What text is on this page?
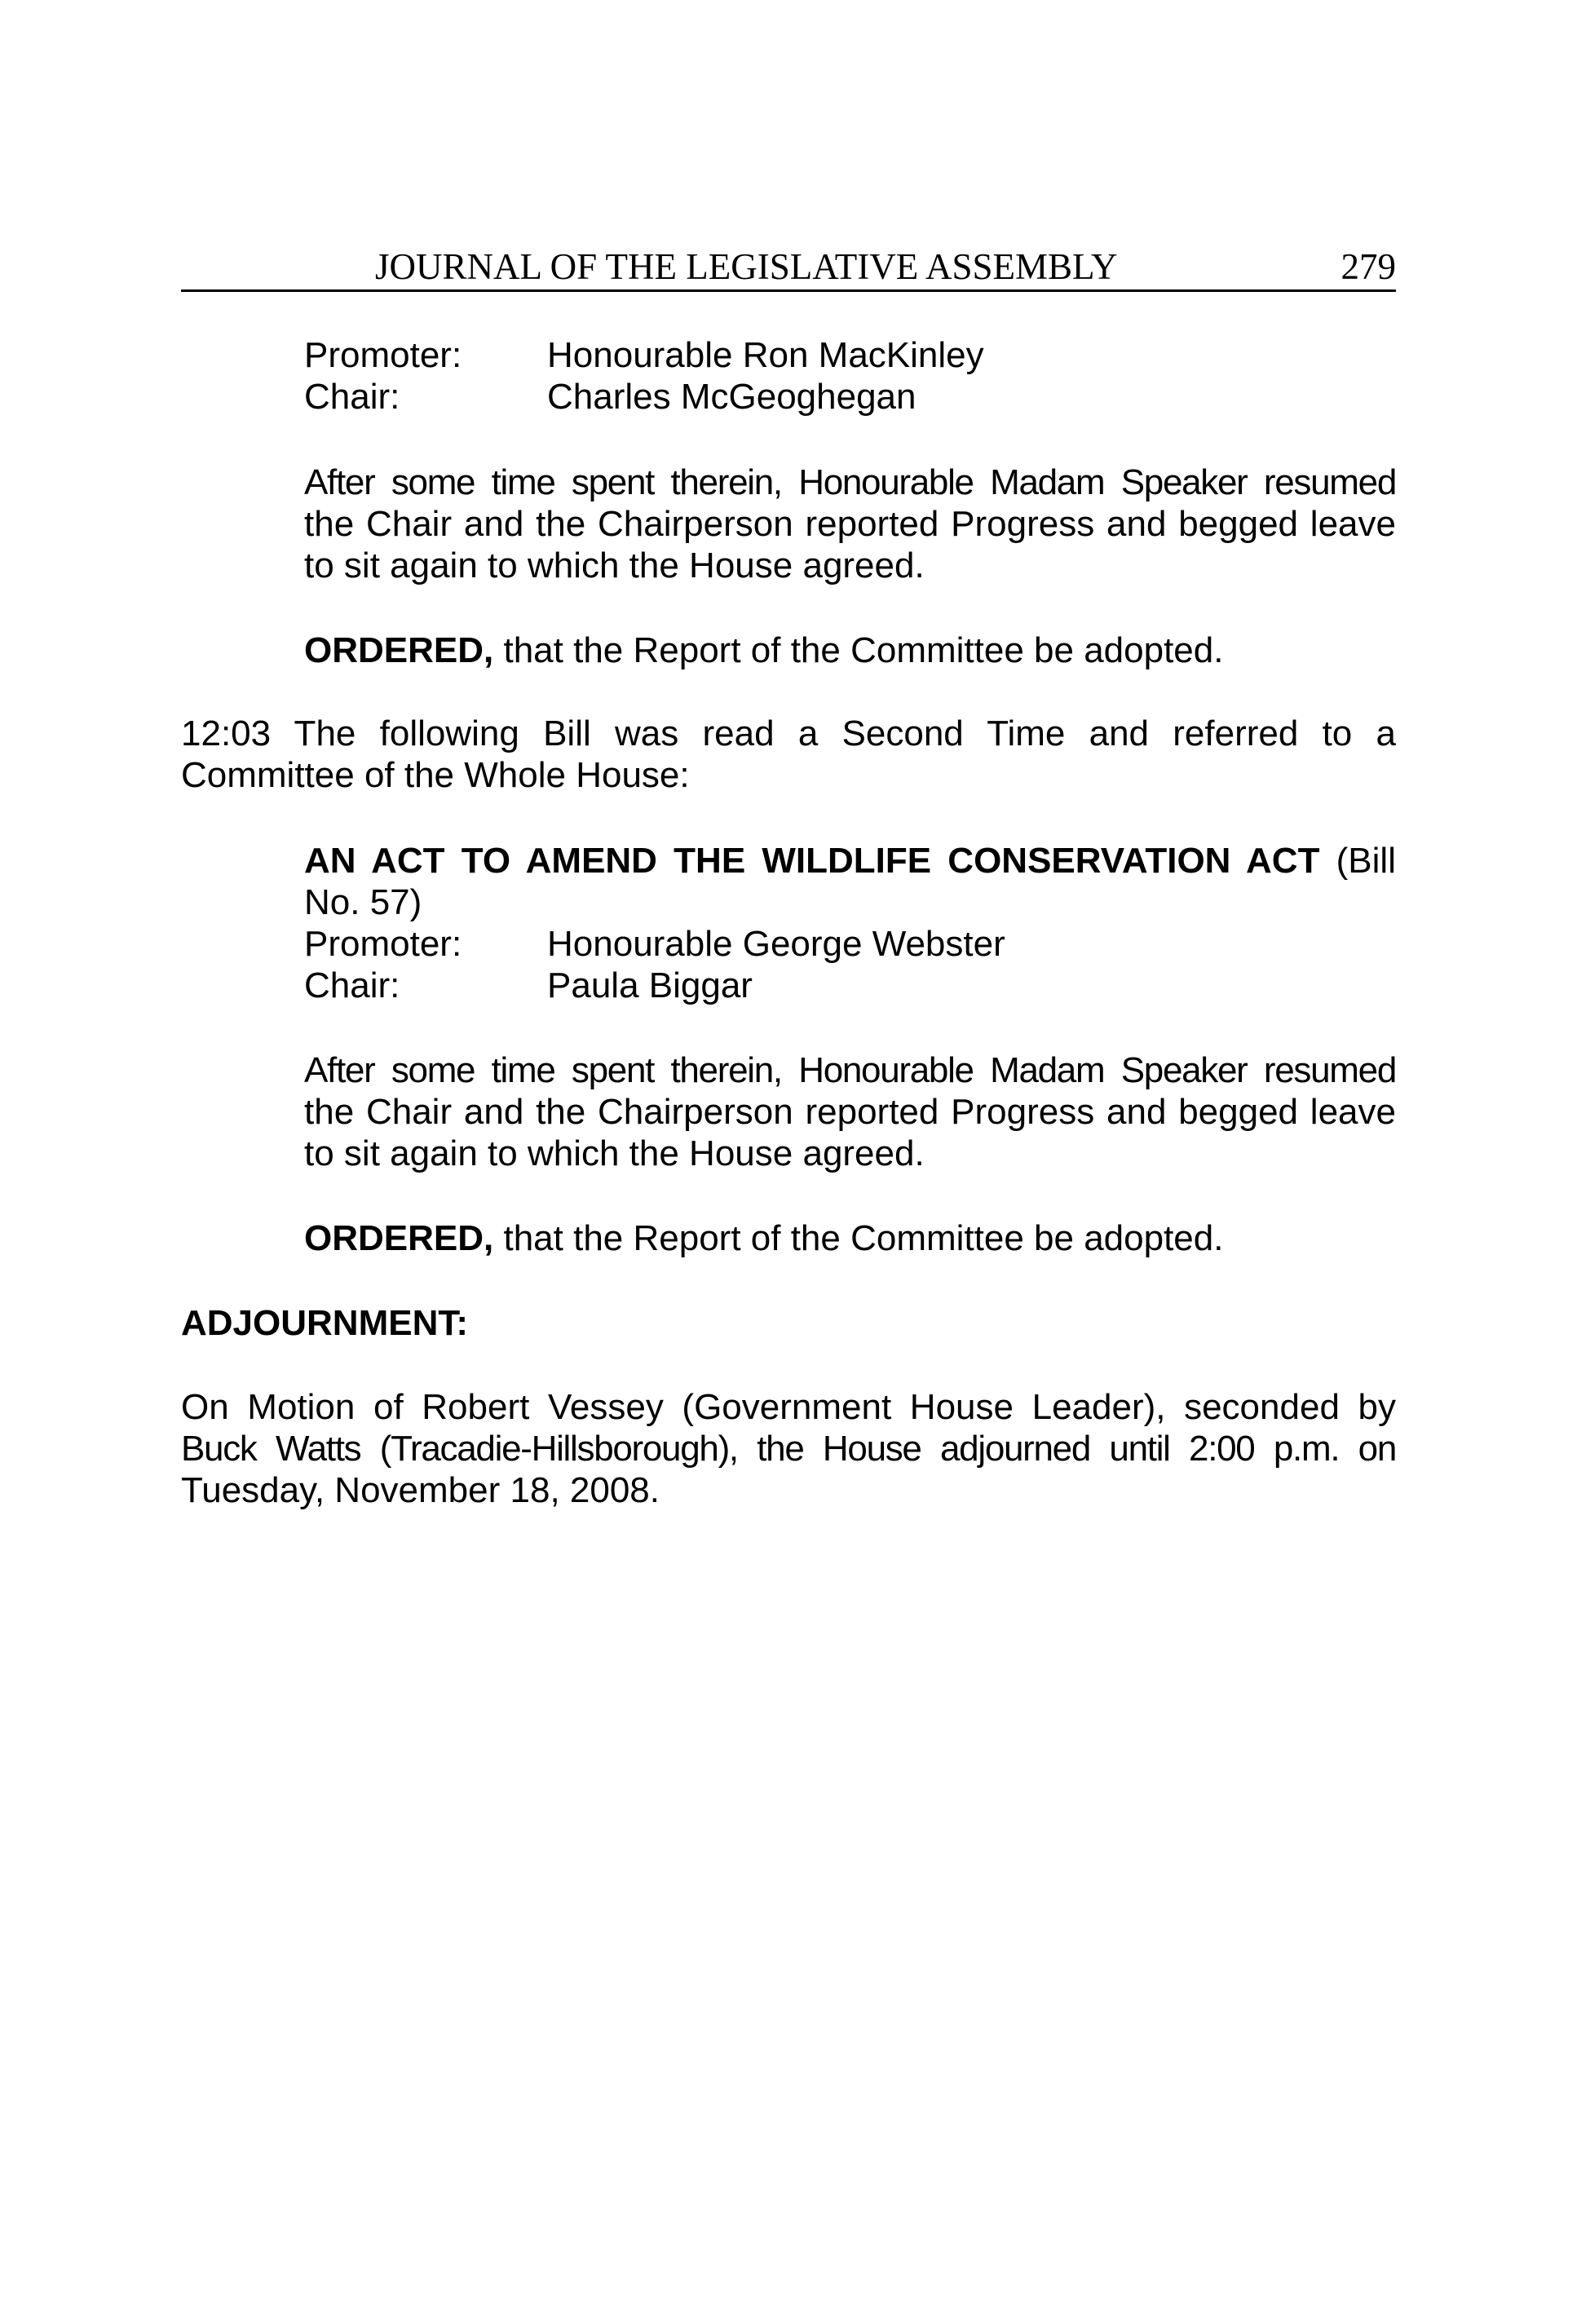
JOURNAL OF THE LEGISLATIVE ASSEMBLY	279
Promoter:	Honourable Ron MacKinley
Chair:	Charles McGeoghegan
After some time spent therein, Honourable Madam Speaker resumed
the Chair and the Chairperson reported Progress and begged leave
to sit again to which the House agreed.
ORDERED, that the Report of the Committee be adopted.
12:03 The following Bill was read a Second Time and referred to a
Committee of the Whole House:
AN ACT TO AMEND THE WILDLIFE CONSERVATION ACT (Bill
No. 57)
Promoter:	Honourable George Webster
Chair:	Paula Biggar
After some time spent therein, Honourable Madam Speaker resumed
the Chair and the Chairperson reported Progress and begged leave
to sit again to which the House agreed.
ORDERED, that the Report of the Committee be adopted.
ADJOURNMENT:
On Motion of Robert Vessey (Government House Leader), seconded by
Buck Watts (Tracadie-Hillsborough), the House adjourned until 2:00 p.m. on
Tuesday, November 18, 2008.
